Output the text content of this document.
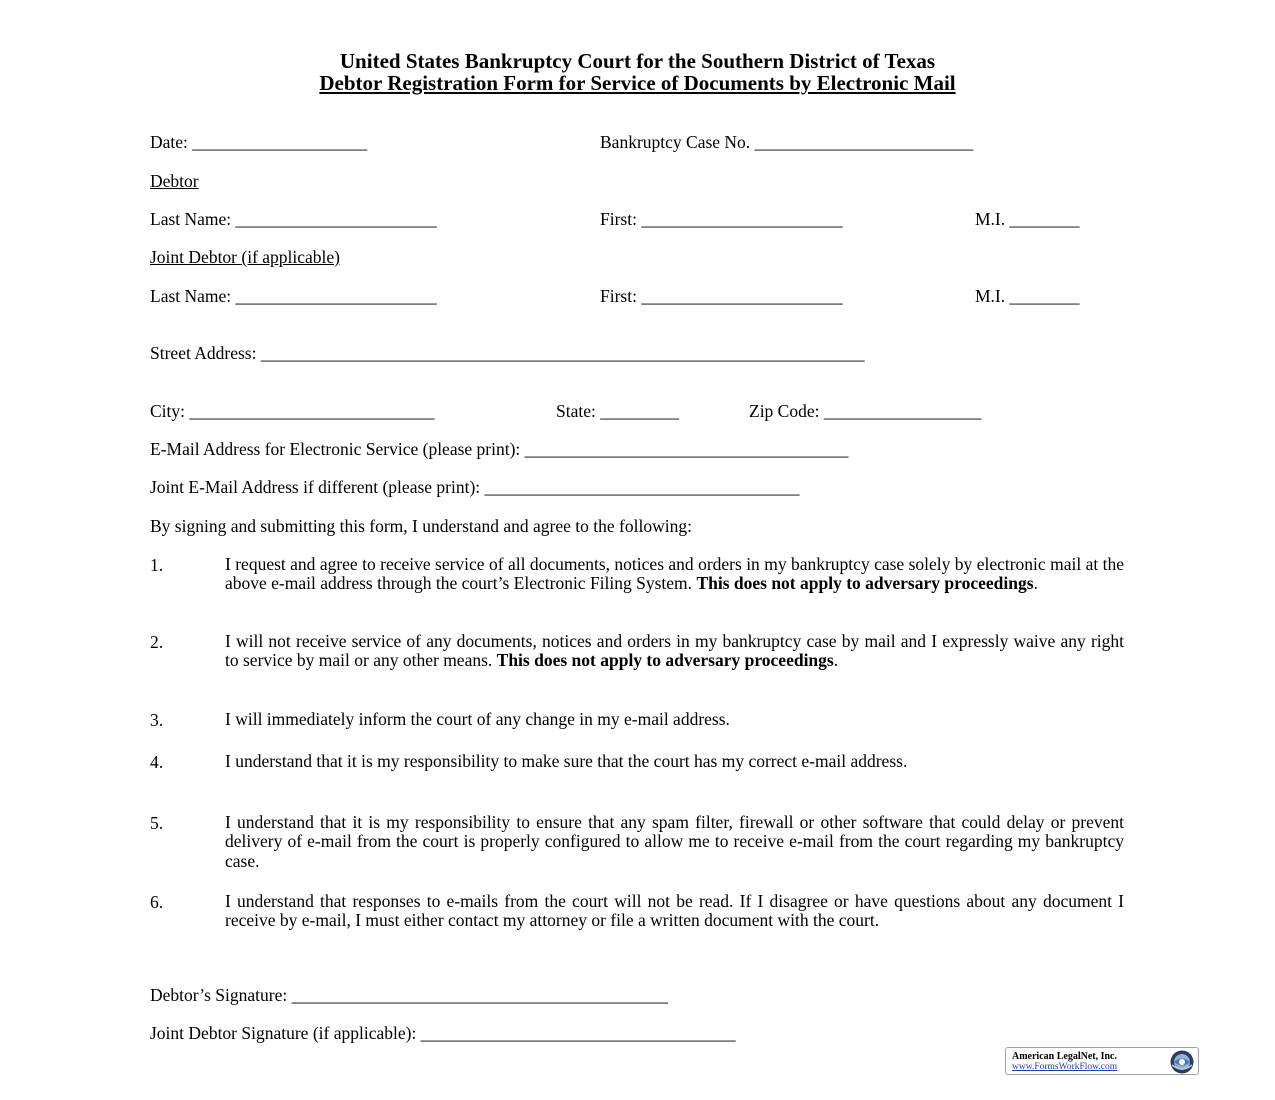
United States Bankruptcy Court for the Southern District of Texas
Debtor Registration Form for Service of Documents by Electronic Mail
Date: ____________________	Bankruptcy Case No. _________________________
Debtor
Last Name: _______________________	First: _______________________	M.I. ________
Joint Debtor (if applicable)
Last Name: _______________________	First: _______________________	M.I. ________
Street Address: _____________________________________________________________________
City: ____________________________	State: _________	Zip Code: __________________
E-Mail Address for Electronic Service (please print): _____________________________________
Joint E-Mail Address if different (please print): ____________________________________
By signing and submitting this form, I understand and agree to the following:
1.	I request and agree to receive service of all documents, notices and orders in my bankruptcy case solely by electronic mail at the above e-mail address through the court’s Electronic Filing System. This does not apply to adversary proceedings.
2.	I will not receive service of any documents, notices and orders in my bankruptcy case by mail and I expressly waive any right to service by mail or any other means. This does not apply to adversary proceedings.
3.	I will immediately inform the court of any change in my e-mail address.
4.	I understand that it is my responsibility to make sure that the court has my correct e-mail address.
5.	I understand that it is my responsibility to ensure that any spam filter, firewall or other software that could delay or prevent delivery of e-mail from the court is properly configured to allow me to receive e-mail from the court regarding my bankruptcy case.
6.	I understand that responses to e-mails from the court will not be read. If I disagree or have questions about any document I receive by e-mail, I must either contact my attorney or file a written document with the court.
Debtor’s Signature: ___________________________________________
Joint Debtor Signature (if applicable): ____________________________________
American LegalNet, Inc.
www.FormsWorkFlow.com
